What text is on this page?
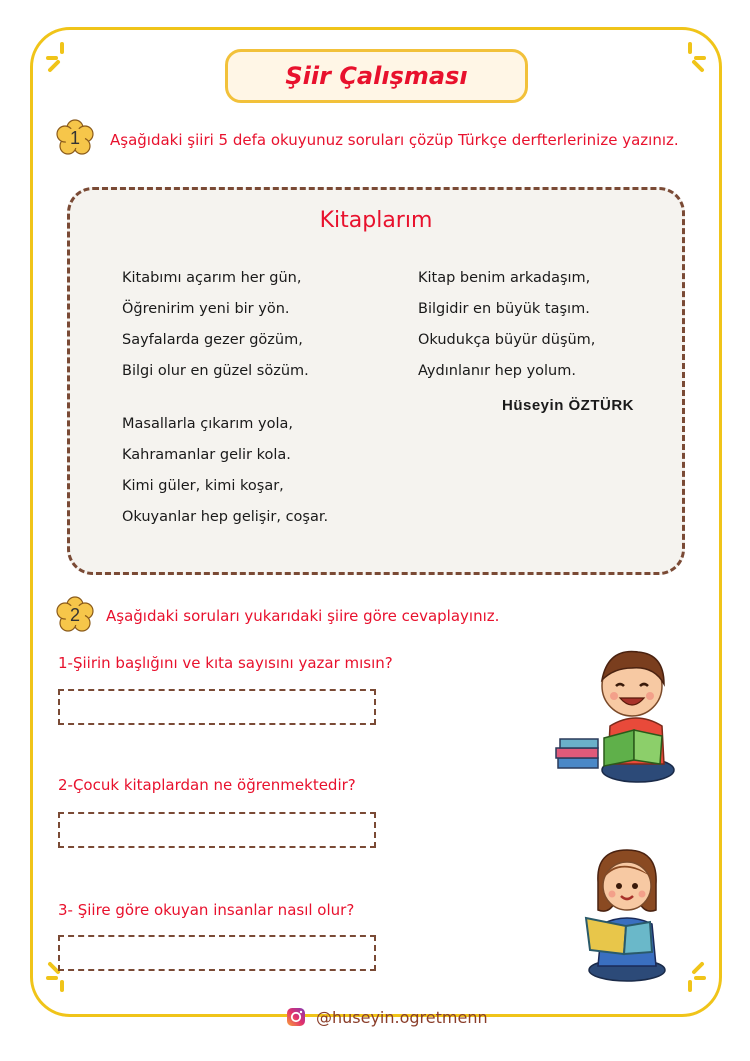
Şiir Çalışması
1	Aşağıdaki şiiri 5 defa okuyunuz soruları çözüp Türkçe derfterlerinize yazınız.
Kitaplarım
Kitabımı açarım her gün,
Öğrenirim yeni bir yön.
Sayfalarda gezer gözüm,
Bilgi olur en güzel sözüm.
Masallarla çıkarım yola,
Kahramanlar gelir kola.
Kimi güler, kimi koşar,
Okuyanlar hep gelişir, coşar.
Kitap benim arkadaşım,
Bilgidir en büyük taşım.
Okudukça büyür düşüm,
Aydınlanır hep yolum.
Hüseyin ÖZTÜRK
2	Aşağıdaki soruları yukarıdaki şiire göre cevaplayınız.
1-Şiirin başlığını ve kıta sayısını yazar mısın?
2-Çocuk kitaplardan ne öğrenmektedir?
3- Şiire göre okuyan insanlar nasıl olur?
@huseyin.ogretmenn
